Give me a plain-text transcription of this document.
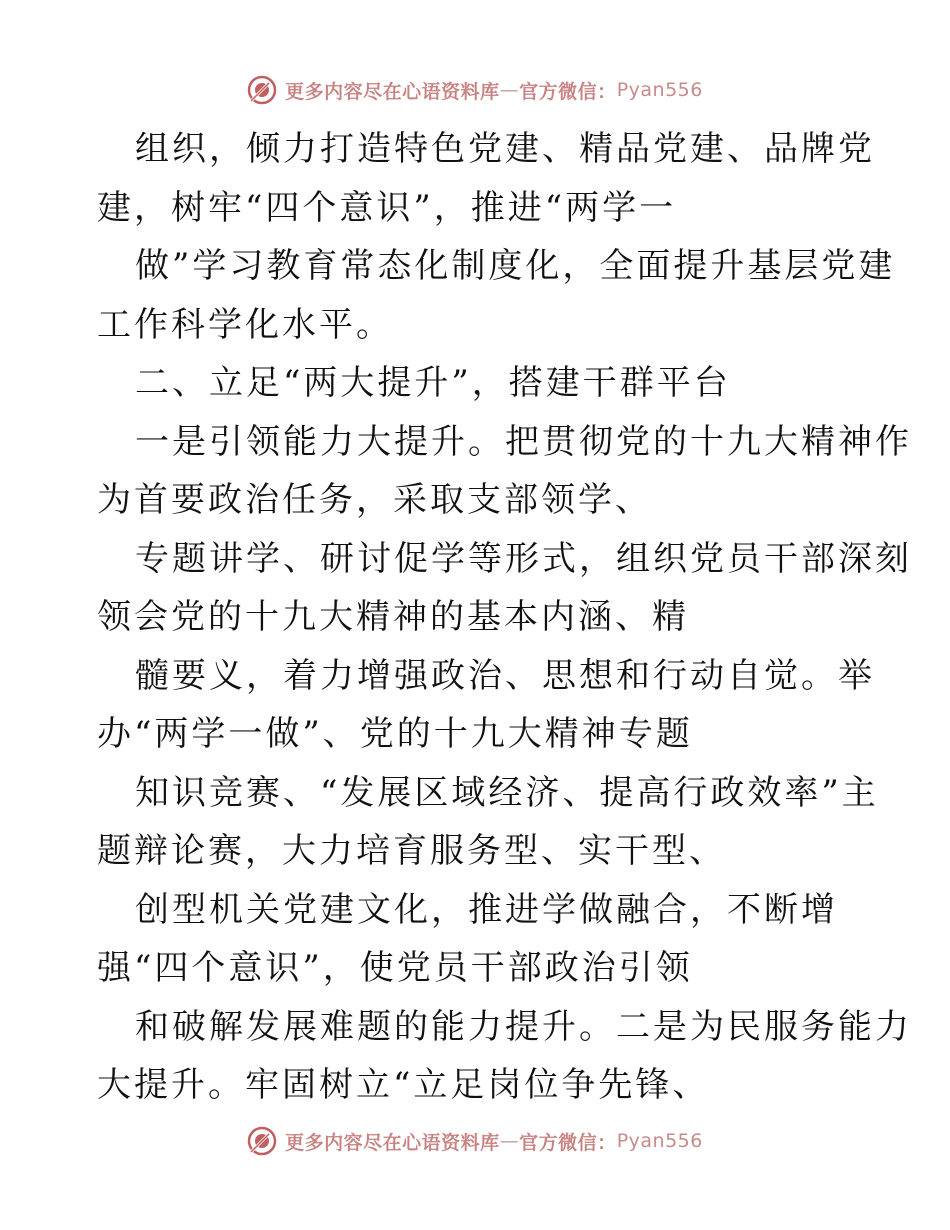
更多内容尽在心语资料库 — 官方微信： Pyan556
组织，倾力打造特色党建、精品党建、品牌党
建，树牢“四个意识”，推进“两学一
做”学习教育常态化制度化，全面提升基层党建
工作科学化水平。
二、立足“两大提升”，搭建干群平台
一是引领能力大提升。把贯彻党的十九大精神作
为首要政治任务，采取支部领学、
专题讲学、研讨促学等形式，组织党员干部深刻
领会党的十九大精神的基本内涵、精
髓要义，着力增强政治、思想和行动自觉。举
办“两学一做”、党的十九大精神专题
知识竞赛、“发展区域经济、提高行政效率”主
题辩论赛，大力培育服务型、实干型、
创型机关党建文化，推进学做融合，不断增
强“四个意识”，使党员干部政治引领
和破解发展难题的能力提升。二是为民服务能力
大提升。牢固树立“立足岗位争先锋、
更多内容尽在心语资料库 — 官方微信： Pyan556
